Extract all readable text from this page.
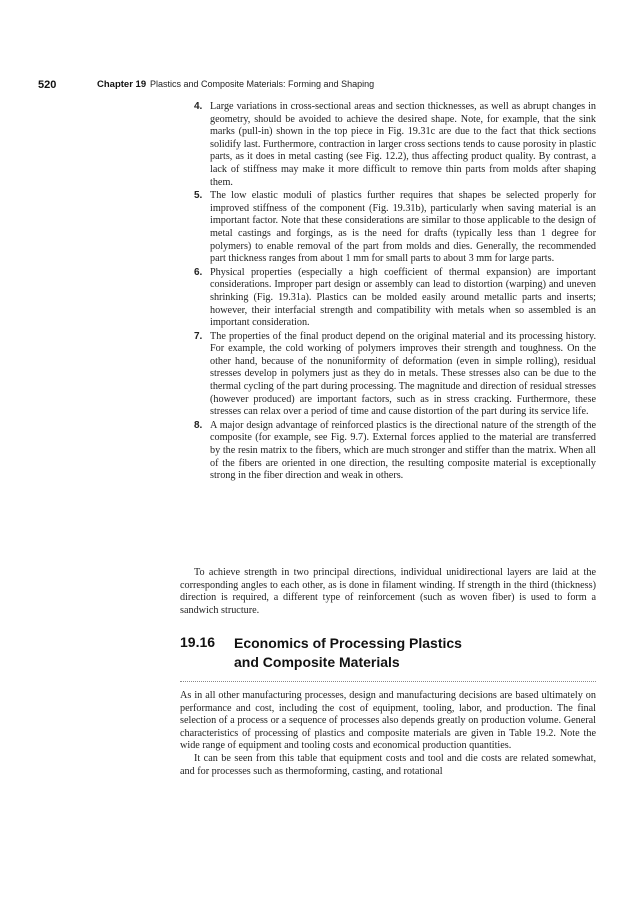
520	Chapter 19 Plastics and Composite Materials: Forming and Shaping
4. Large variations in cross-sectional areas and section thicknesses, as well as abrupt changes in geometry, should be avoided to achieve the desired shape. Note, for example, that the sink marks (pull-in) shown in the top piece in Fig. 19.31c are due to the fact that thick sections solidify last. Furthermore, contraction in larger cross sections tends to cause porosity in plastic parts, as it does in metal casting (see Fig. 12.2), thus affecting product quality. By contrast, a lack of stiffness may make it more difficult to remove thin parts from molds after shaping them.
5. The low elastic moduli of plastics further requires that shapes be selected properly for improved stiffness of the component (Fig. 19.31b), particularly when saving material is an important factor. Note that these considerations are similar to those applicable to the design of metal castings and forgings, as is the need for drafts (typically less than 1 degree for polymers) to enable removal of the part from molds and dies. Generally, the recommended part thickness ranges from about 1 mm for small parts to about 3 mm for large parts.
6. Physical properties (especially a high coefficient of thermal expansion) are important considerations. Improper part design or assembly can lead to distortion (warping) and uneven shrinking (Fig. 19.31a). Plastics can be molded easily around metallic parts and inserts; however, their interfacial strength and compatibility with metals when so assembled is an important consideration.
7. The properties of the final product depend on the original material and its processing history. For example, the cold working of polymers improves their strength and toughness. On the other hand, because of the nonuniformity of deformation (even in simple rolling), residual stresses develop in polymers just as they do in metals. These stresses also can be due to the thermal cycling of the part during processing. The magnitude and direction of residual stresses (however produced) are important factors, such as in stress cracking. Furthermore, these stresses can relax over a period of time and cause distortion of the part during its service life.
8. A major design advantage of reinforced plastics is the directional nature of the strength of the composite (for example, see Fig. 9.7). External forces applied to the material are transferred by the resin matrix to the fibers, which are much stronger and stiffer than the matrix. When all of the fibers are oriented in one direction, the resulting composite material is exceptionally strong in the fiber direction and weak in others.

To achieve strength in two principal directions, individual unidirectional layers are laid at the corresponding angles to each other, as is done in filament winding. If strength in the third (thickness) direction is required, a different type of reinforcement (such as woven fiber) is used to form a sandwich structure.

19.16 Economics of Processing Plastics
and Composite Materials

As in all other manufacturing processes, design and manufacturing decisions are based ultimately on performance and cost, including the cost of equipment, tooling, labor, and production. The final selection of a process or a sequence of processes also depends greatly on production volume. General characteristics of processing of plastics and composite materials are given in Table 19.2. Note the wide range of equipment and tooling costs and economical production quantities.

It can be seen from this table that equipment costs and tool and die costs are related somewhat, and for processes such as thermoforming, casting, and rotational
